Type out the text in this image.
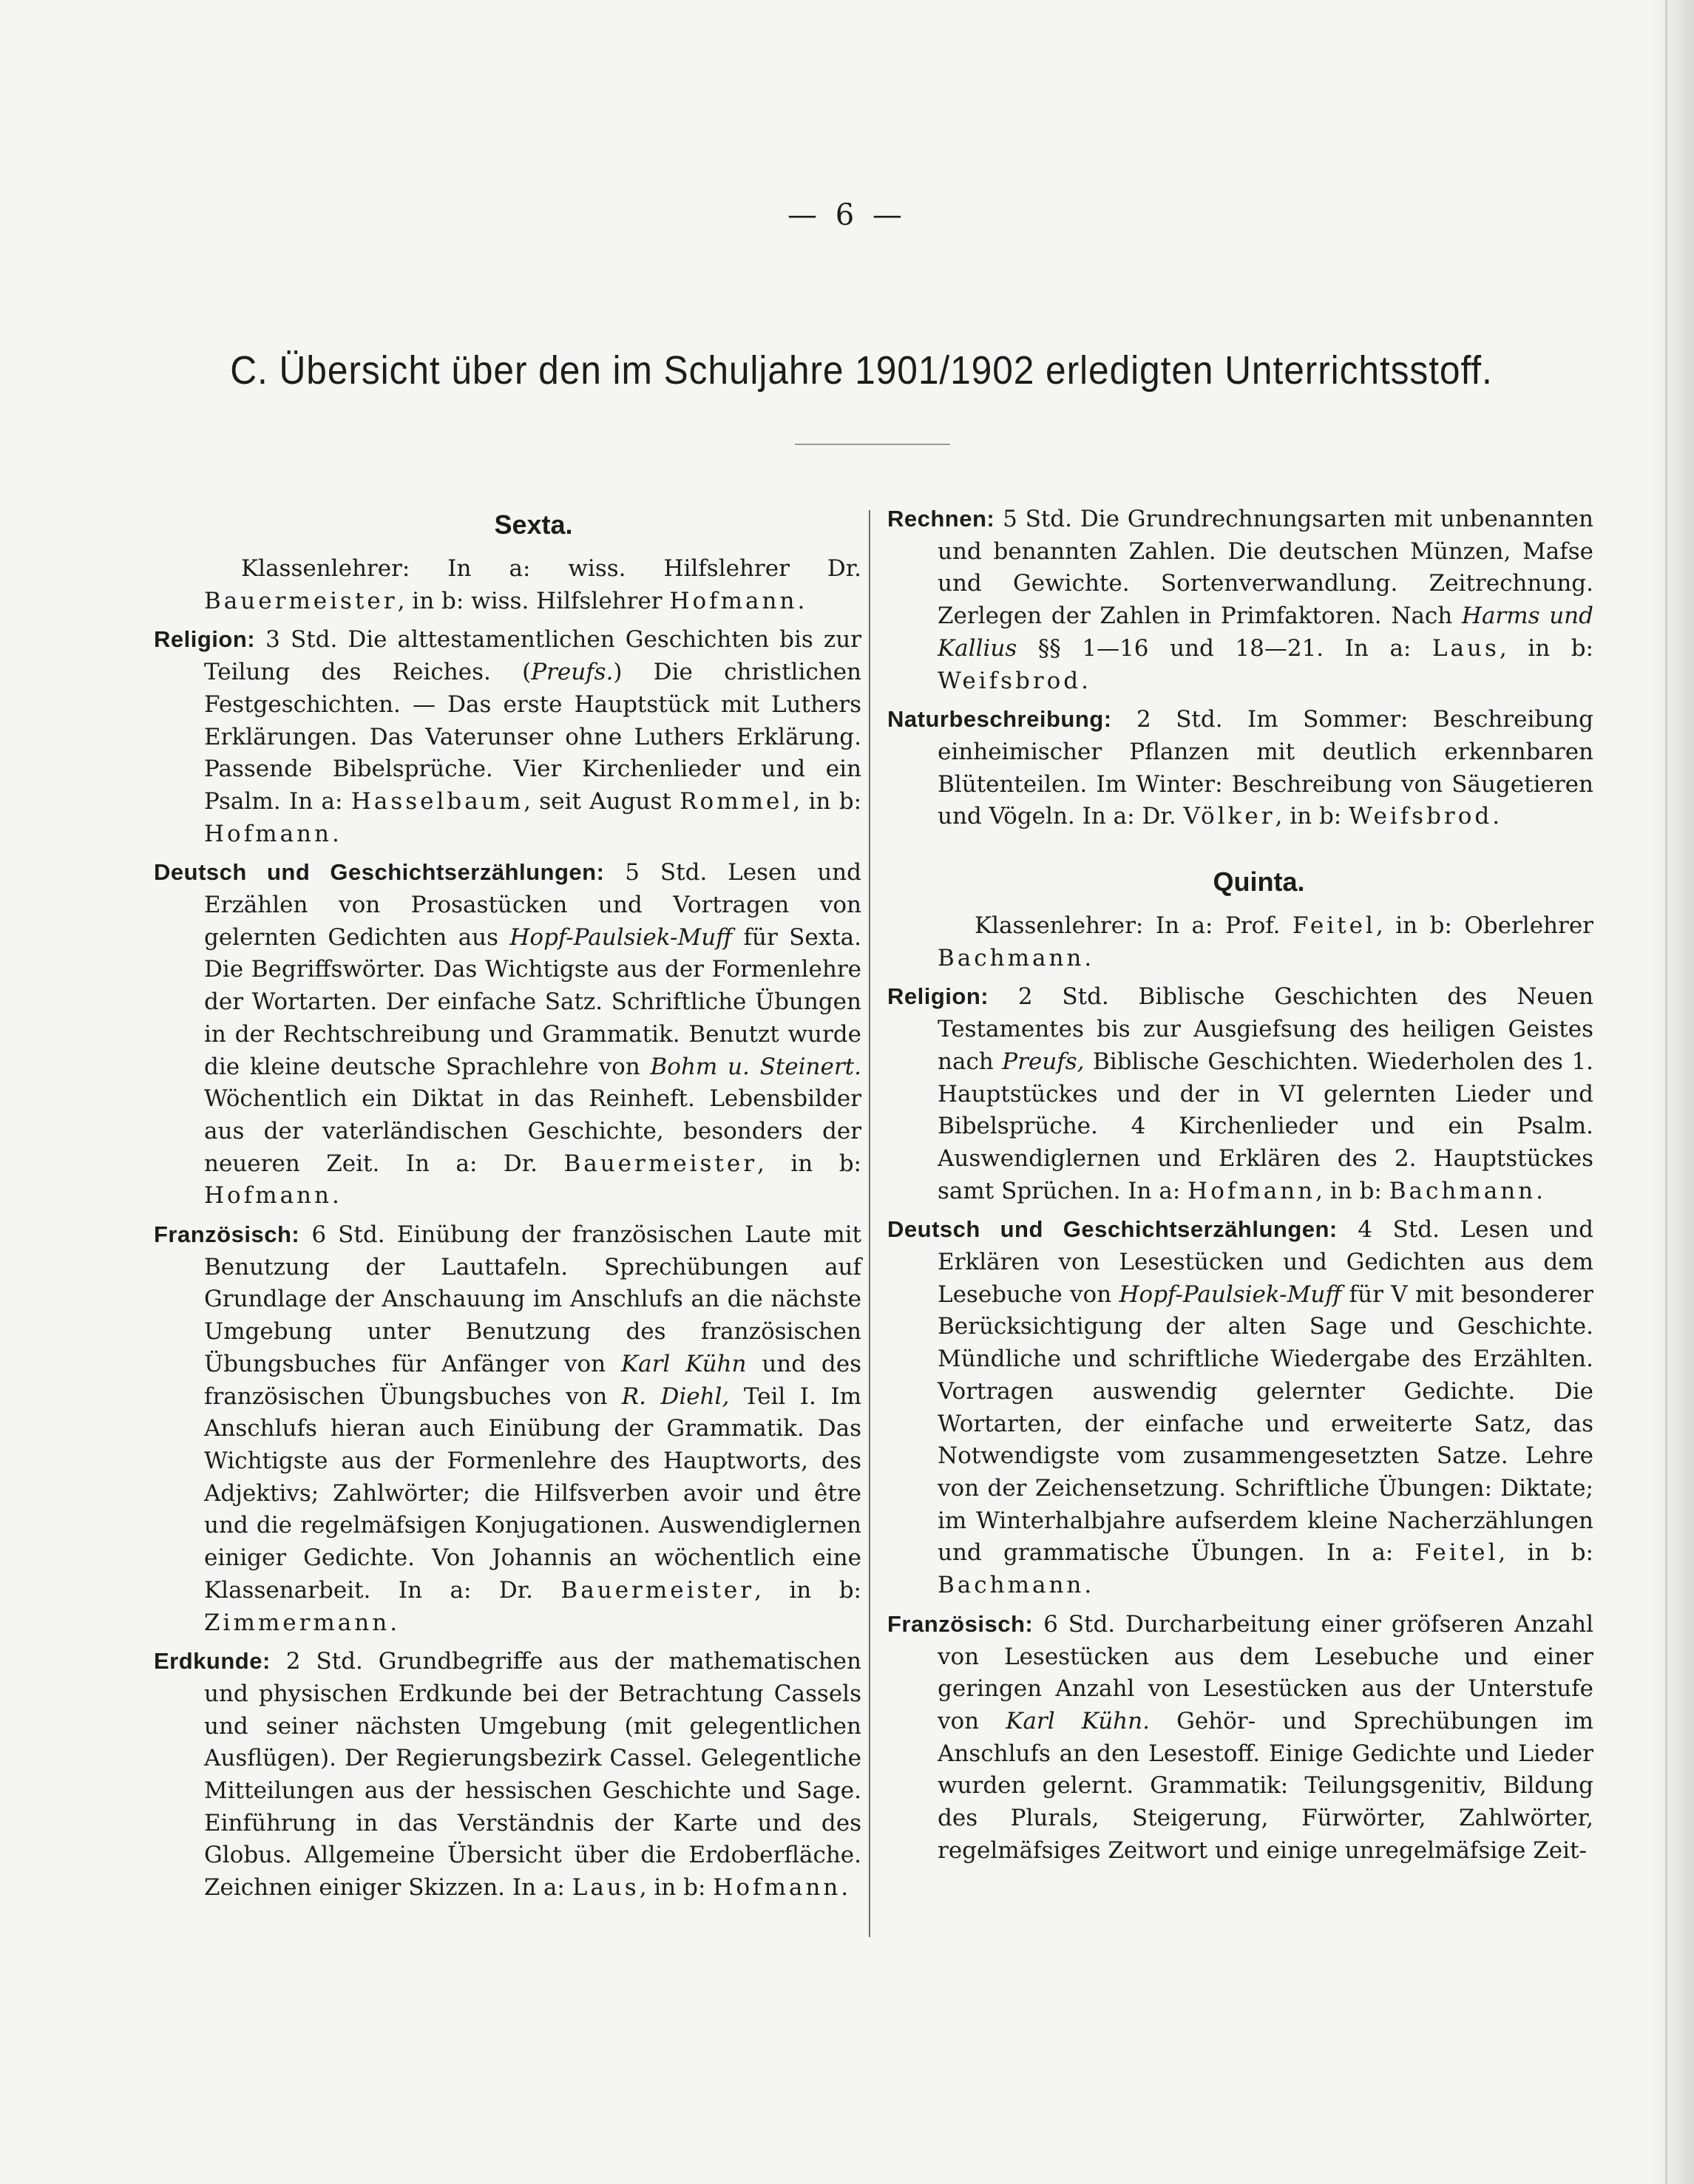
— 6 —
C. Übersicht über den im Schuljahre 1901/1902 erledigten Unterrichtsstoff.
Sexta.

Klassenlehrer: In a: wiss. Hilfslehrer Dr. Bauermeister, in b: wiss. Hilfslehrer Hofmann.

Religion: 3 Std. Die alttestamentlichen Geschichten bis zur Teilung des Reiches. (Preufs.) Die christlichen Festgeschichten. — Das erste Hauptstück mit Luthers Erklärungen. Das Vaterunser ohne Luthers Erklärung. Passende Bibelsprüche. Vier Kirchenlieder und ein Psalm. In a: Hasselbaum, seit August Rommel, in b: Hofmann.

Deutsch und Geschichtserzählungen: 5 Std. Lesen und Erzählen von Prosastücken und Vortragen von gelernten Gedichten aus Hopf-Paulsiek-Muff für Sexta. Die Begriffswörter. Das Wichtigste aus der Formenlehre der Wortarten. Der einfache Satz. Schriftliche Übungen in der Rechtschreibung und Grammatik. Benutzt wurde die kleine deutsche Sprachlehre von Bohm u. Steinert. Wöchentlich ein Diktat in das Reinheft. Lebensbilder aus der vaterländischen Geschichte, besonders der neueren Zeit. In a: Dr. Bauermeister, in b: Hofmann.

Französisch: 6 Std. Einübung der französischen Laute mit Benutzung der Lauttafeln. Sprechübungen auf Grundlage der Anschauung im Anschlufs an die nächste Umgebung unter Benutzung des französischen Übungsbuches für Anfänger von Karl Kühn und des französischen Übungsbuches von R. Diehl, Teil I. Im Anschlufs hieran auch Einübung der Grammatik. Das Wichtigste aus der Formenlehre des Hauptworts, des Adjektivs; Zahlwörter; die Hilfsverben avoir und être und die regelmäfsigen Konjugationen. Auswendiglernen einiger Gedichte. Von Johannis an wöchentlich eine Klassenarbeit. In a: Dr. Bauermeister, in b: Zimmermann.

Erdkunde: 2 Std. Grundbegriffe aus der mathematischen und physischen Erdkunde bei der Betrachtung Cassels und seiner nächsten Umgebung (mit gelegentlichen Ausflügen). Der Regierungsbezirk Cassel. Gelegentliche Mitteilungen aus der hessischen Geschichte und Sage. Einführung in das Verständnis der Karte und des Globus. Allgemeine Übersicht über die Erdoberfläche. Zeichnen einiger Skizzen. In a: Laus, in b: Hofmann.

Rechnen: 5 Std. Die Grundrechnungsarten mit unbenannten und benannten Zahlen. Die deutschen Münzen, Mafse und Gewichte. Sortenverwandlung. Zeitrechnung. Zerlegen der Zahlen in Primfaktoren. Nach Harms und Kallius §§ 1—16 und 18—21. In a: Laus, in b: Weifsbrod.

Naturbeschreibung: 2 Std. Im Sommer: Beschreibung einheimischer Pflanzen mit deutlich erkennbaren Blütenteilen. Im Winter: Beschreibung von Säugetieren und Vögeln. In a: Dr. Völker, in b: Weifsbrod.

Quinta.

Klassenlehrer: In a: Prof. Feitel, in b: Oberlehrer Bachmann.

Religion: 2 Std. Biblische Geschichten des Neuen Testamentes bis zur Ausgiefsung des heiligen Geistes nach Preufs, Biblische Geschichten. Wiederholen des 1. Hauptstückes und der in VI gelernten Lieder und Bibelsprüche. 4 Kirchenlieder und ein Psalm. Auswendiglernen und Erklären des 2. Hauptstückes samt Sprüchen. In a: Hofmann, in b: Bachmann.

Deutsch und Geschichtserzählungen: 4 Std. Lesen und Erklären von Lesestücken und Gedichten aus dem Lesebuche von Hopf-Paulsiek-Muff für V mit besonderer Berücksichtigung der alten Sage und Geschichte. Mündliche und schriftliche Wiedergabe des Erzählten. Vortragen auswendig gelernter Gedichte. Die Wortarten, der einfache und erweiterte Satz, das Notwendigste vom zusammengesetzten Satze. Lehre von der Zeichensetzung. Schriftliche Übungen: Diktate; im Winterhalbjahre aufserdem kleine Nacherzählungen und grammatische Übungen. In a: Feitel, in b: Bachmann.

Französisch: 6 Std. Durcharbeitung einer gröfseren Anzahl von Lesestücken aus dem Lesebuche und einer geringen Anzahl von Lesestücken aus der Unterstufe von Karl Kühn. Gehör- und Sprechübungen im Anschlufs an den Lesestoff. Einige Gedichte und Lieder wurden gelernt. Grammatik: Teilungsgenitiv, Bildung des Plurals, Steigerung, Fürwörter, Zahlwörter, regelmäfsiges Zeitwort und einige unregelmäfsige Zeit-
